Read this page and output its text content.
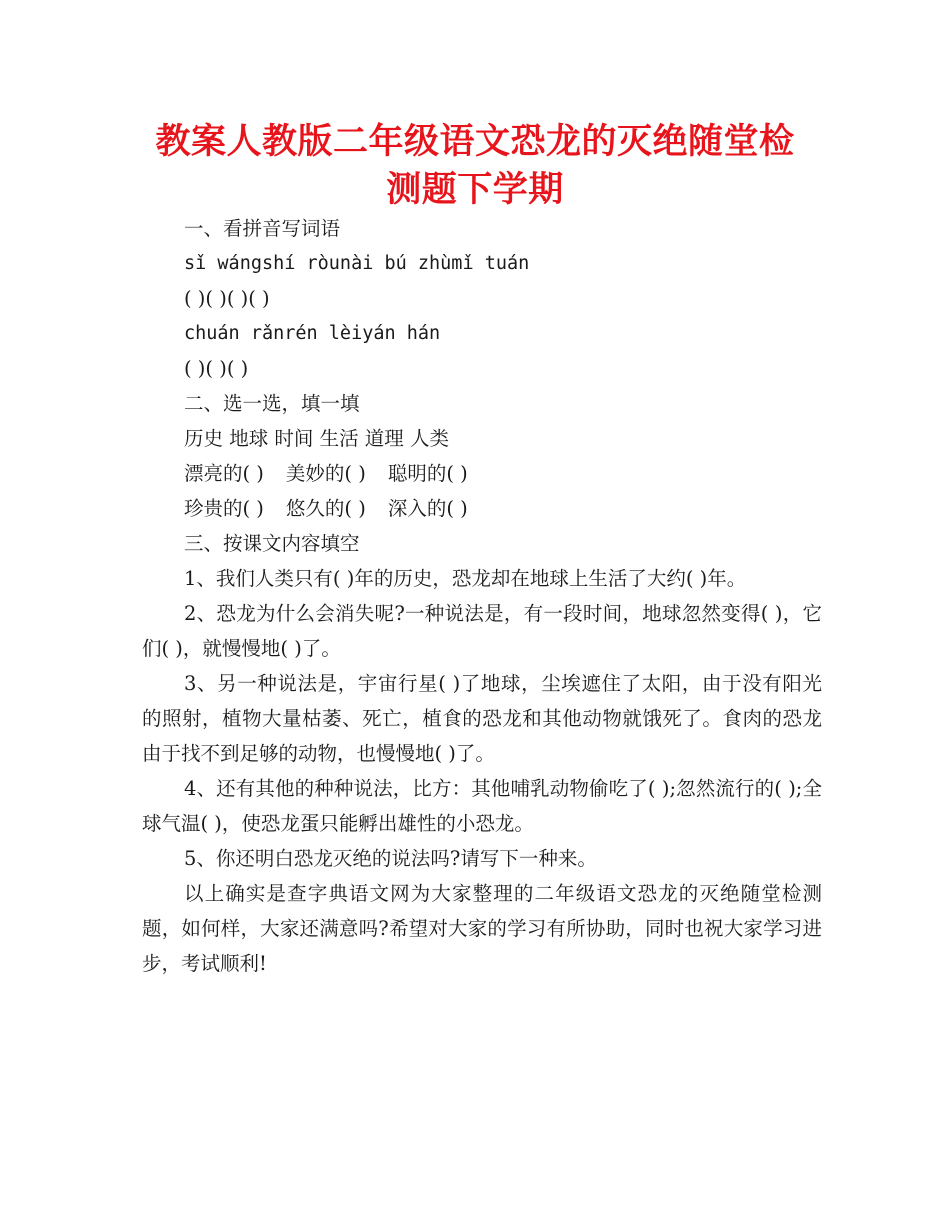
教案人教版二年级语文恐龙的灭绝随堂检
测题下学期
一、看拼音写词语
sǐ wángshí ròunài bú zhùmǐ tuán
( )( )( )( )
chuán rǎnrén lèiyán hán
( )( )( )
二、选一选，填一填
历史 地球 时间 生活 道理 人类
漂亮的( ) 美妙的( ) 聪明的( )
珍贵的( ) 悠久的( ) 深入的( )
三、按课文内容填空
1、我们人类只有( )年的历史，恐龙却在地球上生活了大约( )年。
2、恐龙为什么会消失呢?一种说法是，有一段时间，地球忽然变得( )，它们( )，就慢慢地( )了。
3、另一种说法是，宇宙行星( )了地球，尘埃遮住了太阳，由于没有阳光的照射，植物大量枯萎、死亡，植食的恐龙和其他动物就饿死了。食肉的恐龙由于找不到足够的动物，也慢慢地( )了。
4、还有其他的种种说法，比方：其他哺乳动物偷吃了( );忽然流行的( );全球气温( )，使恐龙蛋只能孵出雄性的小恐龙。
5、你还明白恐龙灭绝的说法吗?请写下一种来。
以上确实是查字典语文网为大家整理的二年级语文恐龙的灭绝随堂检测题，如何样，大家还满意吗?希望对大家的学习有所协助，同时也祝大家学习进步，考试顺利!
